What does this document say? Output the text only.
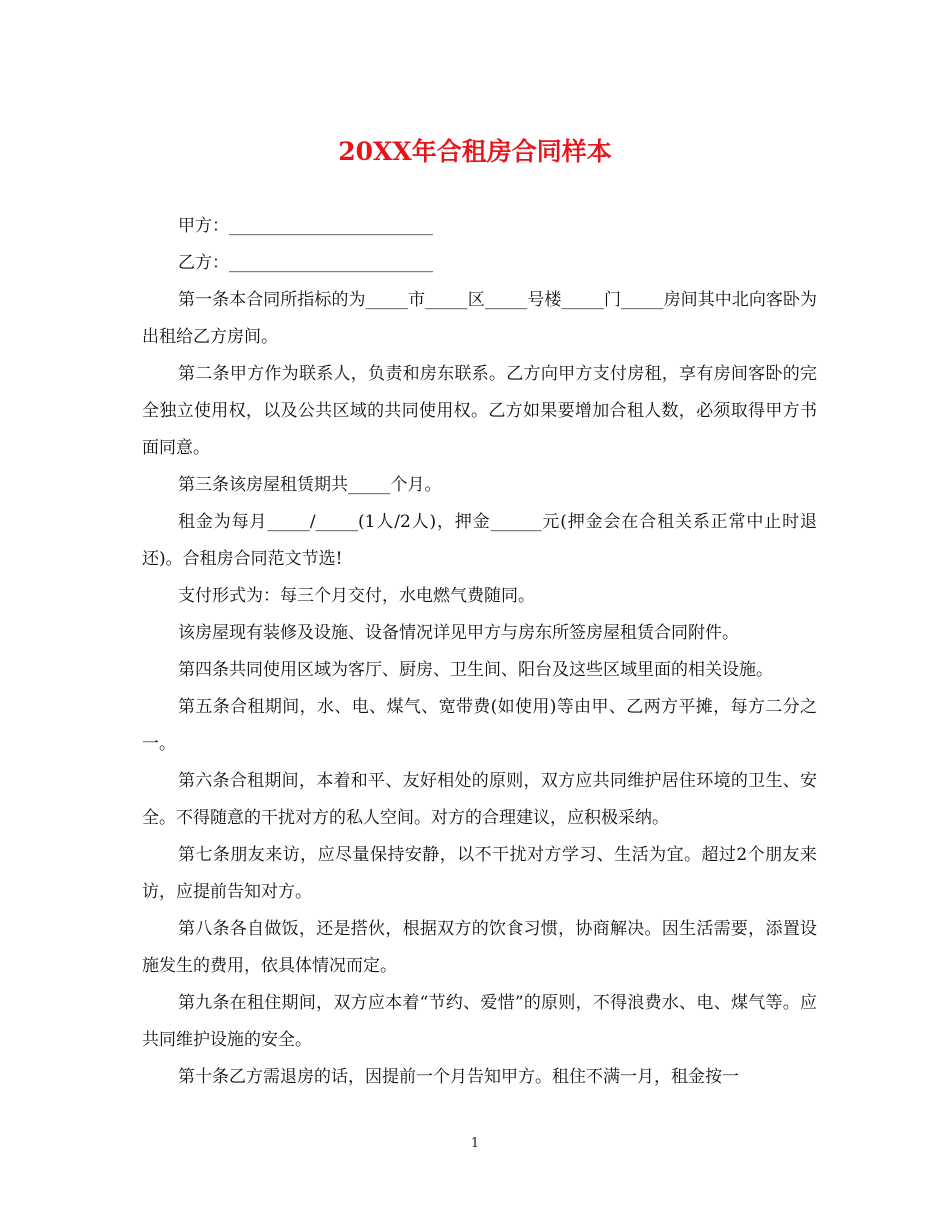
20XX年合租房合同样本

甲方：________________________

乙方：________________________

第一条本合同所指标的为_____市_____区_____号楼_____门_____房间其中北向客卧为出租给乙方房间。

第二条甲方作为联系人，负责和房东联系。乙方向甲方支付房租，享有房间客卧的完全独立使用权，以及公共区域的共同使用权。乙方如果要增加合租人数，必须取得甲方书面同意。

第三条该房屋租赁期共_____个月。

租金为每月_____/_____(1人/2人)，押金______元(押金会在合租关系正常中止时退还)。合租房合同范文节选!

支付形式为：每三个月交付，水电燃气费随同。

该房屋现有装修及设施、设备情况详见甲方与房东所签房屋租赁合同附件。

第四条共同使用区域为客厅、厨房、卫生间、阳台及这些区域里面的相关设施。

第五条合租期间，水、电、煤气、宽带费(如使用)等由甲、乙两方平摊，每方二分之一。

第六条合租期间，本着和平、友好相处的原则，双方应共同维护居住环境的卫生、安全。不得随意的干扰对方的私人空间。对方的合理建议，应积极采纳。

第七条朋友来访，应尽量保持安静，以不干扰对方学习、生活为宜。超过2个朋友来访，应提前告知对方。

第八条各自做饭，还是搭伙，根据双方的饮食习惯，协商解决。因生活需要，添置设施发生的费用，依具体情况而定。

第九条在租住期间，双方应本着“节约、爱惜”的原则，不得浪费水、电、煤气等。应共同维护设施的安全。

第十条乙方需退房的话，因提前一个月告知甲方。租住不满一月，租金按一

1
